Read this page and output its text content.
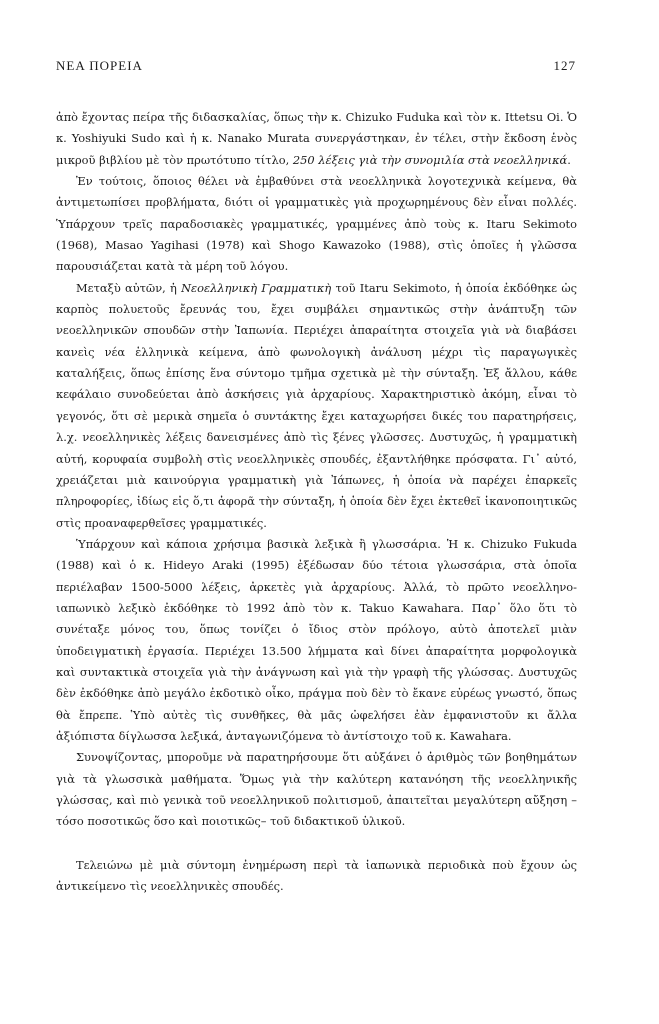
ΝΕΑ ΠΟΡΕΙΑ	127

ἀπὸ ἔχοντας πείρα τῆς διδασκαλίας, ὅπως τὴν κ. Chizuko Fuduka καὶ τὸν κ. Ittetsu Oi. Ὁ κ. Yoshiyuki Sudo καὶ ἡ κ. Nanako Murata συνεργάστηκαν, ἐν τέλει, στὴν ἔκδοση ἑνὸς μικροῦ βιβλίου μὲ τὸν πρωτότυπο τίτλο, 250 λέξεις γιὰ τὴν συνομιλία στὰ νεοελληνικά.

Ἐν τούτοις, ὅποιος θέλει νὰ ἐμβαθύνει στὰ νεοελληνικὰ λογοτεχνικὰ κείμενα, θὰ ἀντιμετωπίσει προβλήματα, διότι οἱ γραμματικὲς γιὰ προχωρημένους δὲν εἶναι πολλές. Ὑπάρχουν τρεῖς παραδοσιακὲς γραμματικές, γραμμένες ἀπὸ τοὺς κ. Itaru Sekimoto (1968), Masao Yagihasi (1978) καὶ Shogo Kawazoko (1988), στὶς ὁποῖες ἡ γλῶσσα παρουσιάζεται κατὰ τὰ μέρη τοῦ λόγου.

Μεταξὺ αὐτῶν, ἡ Νεοελληνικὴ Γραμματικὴ τοῦ Itaru Sekimoto, ἡ ὁποία ἐκδόθηκε ὡς καρπὸς πολυετοῦς ἔρευνάς του, ἔχει συμβάλει σημαντικῶς στὴν ἀνάπτυξη τῶν νεοελληνικῶν σπουδῶν στὴν Ἰαπωνία. Περιέχει ἀπαραίτητα στοιχεῖα γιὰ νὰ διαβάσει κανεὶς νέα ἑλληνικὰ κείμενα, ἀπὸ φωνολογικὴ ἀνάλυση μέχρι τὶς παραγωγικὲς καταλήξεις, ὅπως ἐπίσης ἕνα σύντομο τμῆμα σχετικὰ μὲ τὴν σύνταξη. Ἐξ ἄλλου, κάθε κεφάλαιο συνοδεύεται ἀπὸ ἀσκήσεις γιὰ ἀρχαρίους. Χαρακτηριστικὸ ἀκόμη, εἶναι τὸ γεγονός, ὅτι σὲ μερικὰ σημεῖα ὁ συντάκτης ἔχει καταχωρήσει δικές του παρατηρήσεις, λ.χ. νεοελληνικὲς λέξεις δανεισμένες ἀπὸ τὶς ξένες γλῶσσες. Δυστυχῶς, ἡ γραμματικὴ αὐτή, κορυφαία συμβολὴ στὶς νεοελληνικὲς σπουδές, ἐξαντλήθηκε πρόσφατα. Γι᾽ αὐτό, χρειάζεται μιὰ καινούργια γραμματικὴ γιὰ Ἰάπωνες, ἡ ὁποία νὰ παρέχει ἐπαρκεῖς πληροφορίες, ἰδίως εἰς ὅ,τι ἀφορᾶ τὴν σύνταξη, ἡ ὁποία δὲν ἔχει ἐκτεθεῖ ἱκανοποιητικῶς στὶς προαναφερθεῖσες γραμματικές.

Ὑπάρχουν καὶ κάποια χρήσιμα βασικὰ λεξικὰ ἢ γλωσσάρια. Ἡ κ. Chizuko Fukuda (1988) καὶ ὁ κ. Hideyo Araki (1995) ἐξέδωσαν δύο τέτοια γλωσσάρια, στὰ ὁποῖα περιέλαβαν 1500-5000 λέξεις, ἀρκετὲς γιὰ ἀρχαρίους. Ἀλλά, τὸ πρῶτο νεοελληνο-ιαπωνικὸ λεξικὸ ἐκδόθηκε τὸ 1992 ἀπὸ τὸν κ. Takuo Kawahara. Παρ᾽ ὅλο ὅτι τὸ συνέταξε μόνος του, ὅπως τονίζει ὁ ἴδιος στὸν πρόλογο, αὐτὸ ἀποτελεῖ μιὰν ὑποδειγματικὴ ἐργασία. Περιέχει 13.500 λήμματα καὶ δίνει ἀπαραίτητα μορφολογικὰ καὶ συντακτικὰ στοιχεῖα γιὰ τὴν ἀνάγνωση καὶ γιὰ τὴν γραφὴ τῆς γλώσσας. Δυστυχῶς δὲν ἐκδόθηκε ἀπὸ μεγάλο ἐκδοτικὸ οἶκο, πράγμα ποὺ δὲν τὸ ἔκανε εὐρέως γνωστό, ὅπως θὰ ἔπρεπε. Ὑπὸ αὐτὲς τὶς συνθῆκες, θὰ μᾶς ὠφελήσει ἐὰν ἐμφανιστοῦν κι ἄλλα ἀξιόπιστα δίγλωσσα λεξικά, ἀνταγωνιζόμενα τὸ ἀντίστοιχο τοῦ κ. Kawahara.

Συνοψίζοντας, μποροῦμε νὰ παρατηρήσουμε ὅτι αὐξάνει ὁ ἀριθμὸς τῶν βοηθημάτων γιὰ τὰ γλωσσικὰ μαθήματα. Ὅμως γιὰ τὴν καλύτερη κατανόηση τῆς νεοελληνικῆς γλώσσας, καὶ πιὸ γενικὰ τοῦ νεοελληνικοῦ πολιτισμοῦ, ἀπαιτεῖται μεγαλύτερη αὔξηση –τόσο ποσοτικῶς ὅσο καὶ ποιοτικῶς– τοῦ διδακτικοῦ ὑλικοῦ.

Τελειώνω μὲ μιὰ σύντομη ἐνημέρωση περὶ τὰ ἰαπωνικὰ περιοδικὰ ποὺ ἔχουν ὡς ἀντικείμενο τὶς νεοελληνικὲς σπουδές.
